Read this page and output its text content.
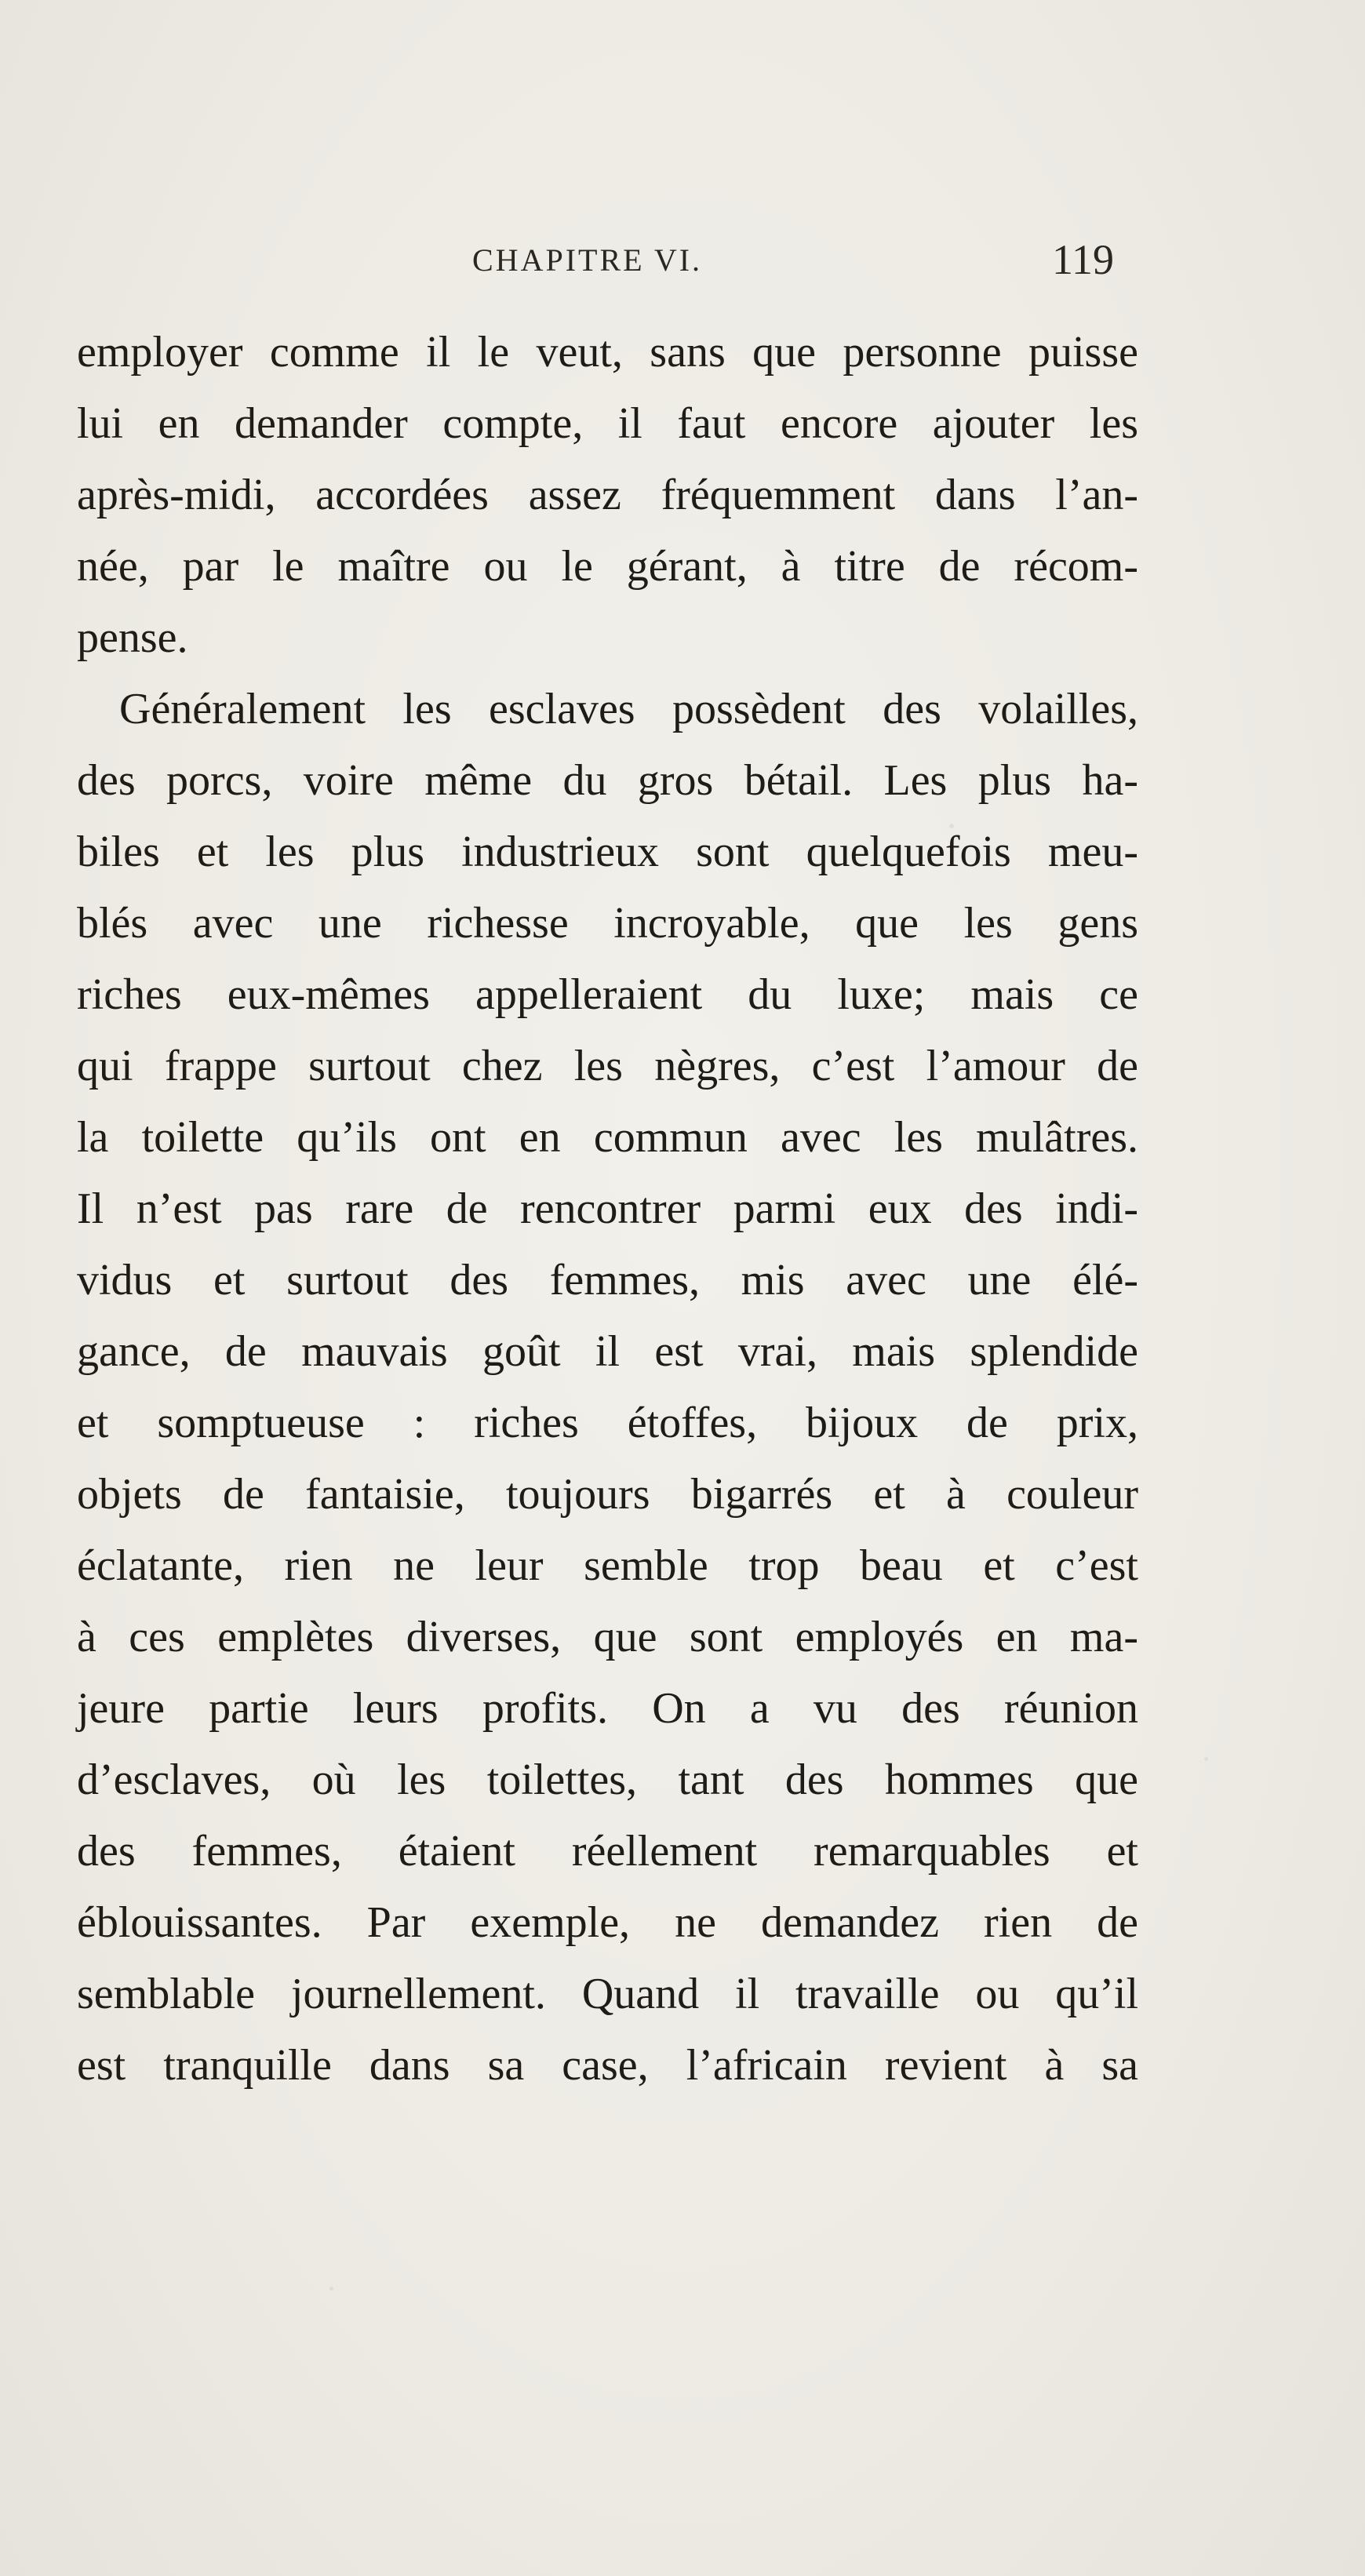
CHAPITRE VI.	119
employer comme il le veut, sans que personne puisse
lui en demander compte, il faut encore ajouter les
après-midi, accordées assez fréquemment dans l’an-
née, par le maître ou le gérant, à titre de récom-
pense.
Généralement les esclaves possèdent des volailles,
des porcs, voire même du gros bétail. Les plus ha-
biles et les plus industrieux sont quelquefois meu-
blés avec une richesse incroyable, que les gens
riches eux-mêmes appelleraient du luxe; mais ce
qui frappe surtout chez les nègres, c’est l’amour de
la toilette qu’ils ont en commun avec les mulâtres.
Il n’est pas rare de rencontrer parmi eux des indi-
vidus et surtout des femmes, mis avec une élé-
gance, de mauvais goût il est vrai, mais splendide
et somptueuse : riches étoffes, bijoux de prix,
objets de fantaisie, toujours bigarrés et à couleur
éclatante, rien ne leur semble trop beau et c’est
à ces emplètes diverses, que sont employés en ma-
jeure partie leurs profits. On a vu des réunion
d’esclaves, où les toilettes, tant des hommes que
des femmes, étaient réellement remarquables et
éblouissantes. Par exemple, ne demandez rien de
semblable journellement. Quand il travaille ou qu’il
est tranquille dans sa case, l’africain revient à sa
